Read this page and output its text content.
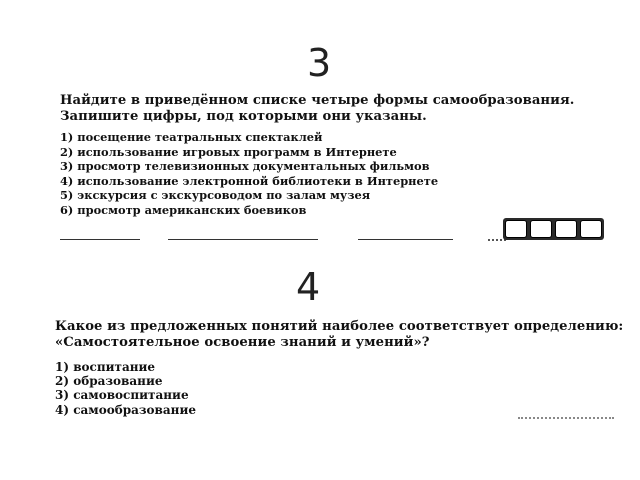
3
Найдите в приведённом списке четыре формы самообразования. Запишите цифры, под которыми они указаны.
1) посещение театральных спектаклей
2) использование игровых программ в Интернете
3) просмотр телевизионных документальных фильмов
4) использование электронной библиотеки в Интернете
5) экскурсия с экскурсоводом по залам музея
6) просмотр американских боевиков
4
Какое из предложенных понятий наиболее соответствует определению: «Самостоятельное освоение знаний и умений»?
1) воспитание
2) образование
3) самовоспитание
4) самообразование
